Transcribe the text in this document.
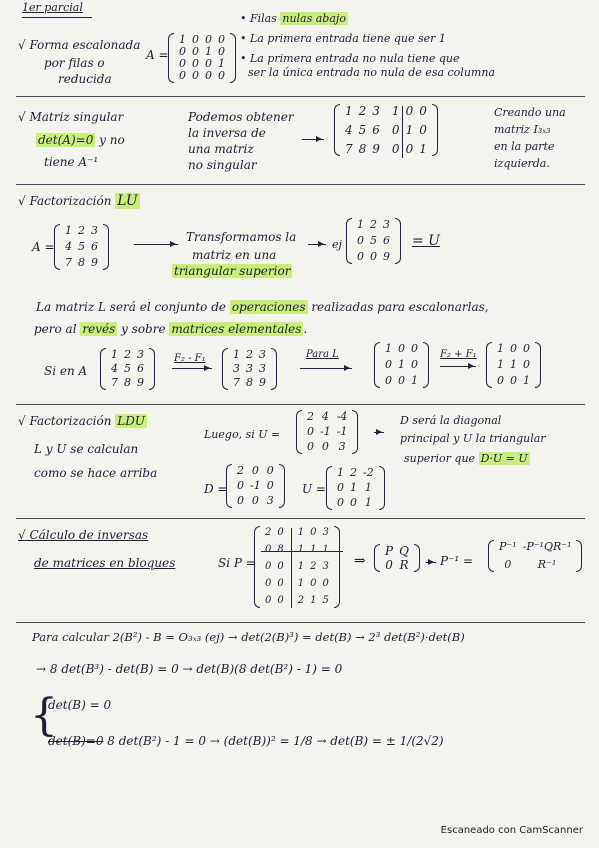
1er parcial
√ Forma escalonada
por filas o
reducida
A =
1 0 0 0
0 0 1 0
0 0 0 1
0 0 0 0
• Filas nulas abajo
• La primera entrada tiene que ser 1
• La primera entrada no nula tiene que
ser la única entrada no nula de esa columna
√ Matriz singular
det(A)=0 y no
tiene A⁻¹
Podemos obtener
la inversa de
una matriz
no singular
1 2 3 1 0 0
4 5 6 0 1 0
7 8 9 0 0 1
Creando una
matriz I₃ₓ₃
en la parte
izquierda.
√ Factorización LU
A =
1 2 3
4 5 6
7 8 9
Transformamos la
matriz en una
triangular superior
ej
1 2 3
0 5 6
0 0 9
= U
La matriz L será el conjunto de operaciones realizadas para escalonarlas,
pero al revés y sobre matrices elementales .
Si en A
1 2 3
4 5 6
7 8 9
F₂ - F₁ 1 2 3
3 3 3
7 8 9
Para L	1 0 0
0 1 0
0 0 1
F₂ + F₁ 1 0 0
1 1 0
0 0 1
√ Factorización LDU
L y U se calculan
como se hace arriba
Luego, si U =
2 4 -4
0 -1 -1
0 0 3
D será la diagonal
principal y U la triangular
superior que D·U = U
D =
2 0 0
0 -1 0
0 0 3
U =
1 2 -2
0 1 1
0 0 1
√ Cálculo de inversas
de matrices en bloques	Si P =
2 0	1 0 3
0 8	1 1 1
0 0	1 2 3
0 0	1 0 0
0 0	2 1 5
⇒
P Q
0 R	P⁻¹ =
P⁻¹ -P⁻¹QR⁻¹
0	R⁻¹
Para calcular 2(B²) - B = O₃ₓ₃ (ej) → det(2(B)³) = det(B) → 2³ det(B²)·det(B)
→ 8 det(B³) - det(B) = 0 → det(B)(8 det(B²) - 1) = 0
{
det(B) = 0
det(B)=0 8 det(B²) - 1 = 0 → (det(B))² = 1/8 → det(B) = ± 1/(2√2)
Escaneado con CamScanner
